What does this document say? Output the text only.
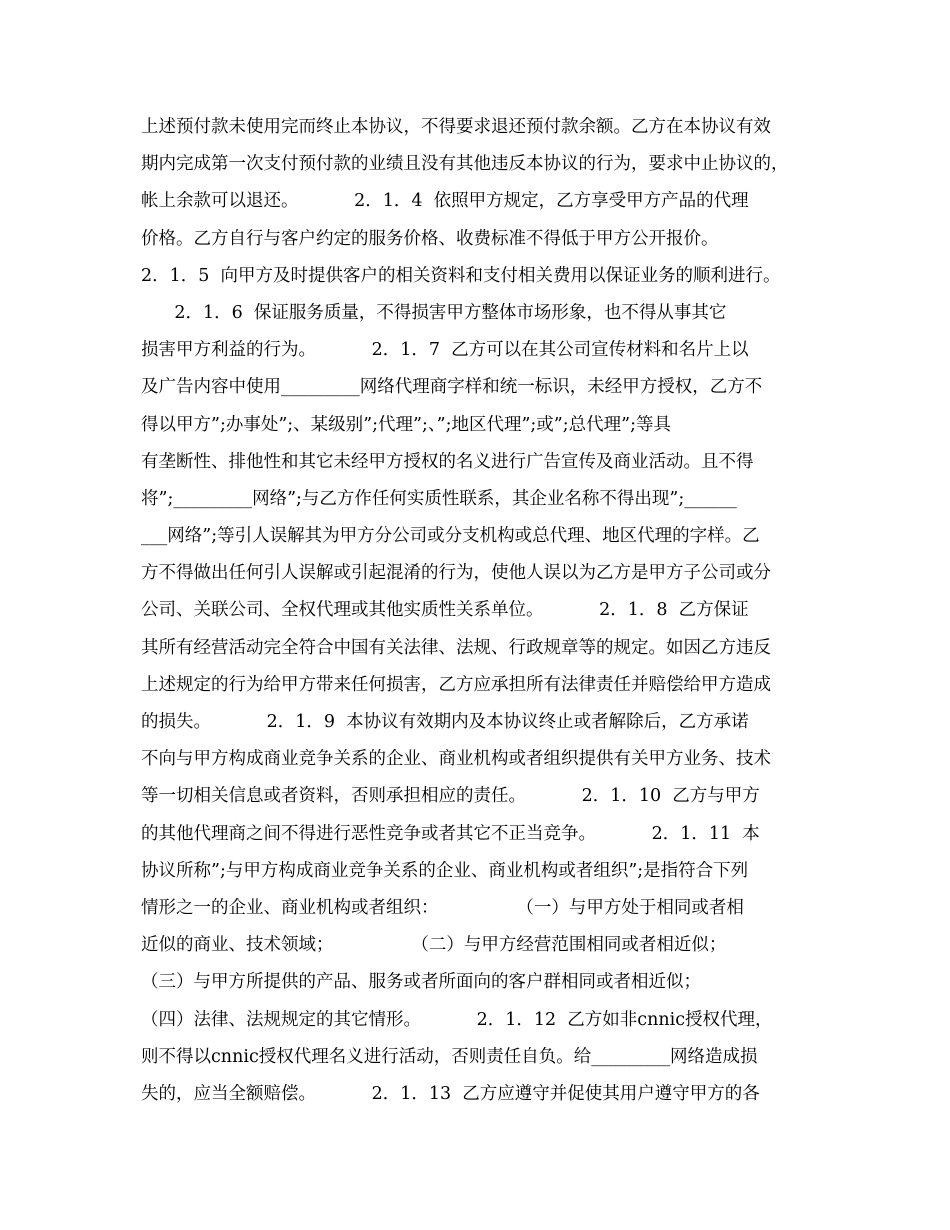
上述预付款未使用完而终止本协议，不得要求退还预付款余额。乙方在本协议有效
期内完成第一次支付预付款的业绩且没有其他违反本协议的行为，要求中止协议的，
帐上余款可以退还。          2．1．4  依照甲方规定，乙方享受甲方产品的代理
价格。乙方自行与客户约定的服务价格、收费标准不得低于甲方公开报价。
2．1．5  向甲方及时提供客户的相关资料和支付相关费用以保证业务的顺利进行。
2．1．6  保证服务质量，不得损害甲方整体市场形象，也不得从事其它
损害甲方利益的行为。          2．1．7  乙方可以在其公司宣传材料和名片上以
及广告内容中使用_________网络代理商字样和统一标识，未经甲方授权，乙方不
得以甲方”;办事处”;、某级别”;代理”;、”;地区代理”;或”;总代理”;等具
有垄断性、排他性和其它未经甲方授权的名义进行广告宣传及商业活动。且不得
将”;_________网络”;与乙方作任何实质性联系，其企业名称不得出现”;______
___网络”;等引人误解其为甲方分公司或分支机构或总代理、地区代理的字样。乙
方不得做出任何引人误解或引起混淆的行为，使他人误以为乙方是甲方子公司或分
公司、关联公司、全权代理或其他实质性关系单位。          2．1．8  乙方保证
其所有经营活动完全符合中国有关法律、法规、行政规章等的规定。如因乙方违反
上述规定的行为给甲方带来任何损害，乙方应承担所有法律责任并赔偿给甲方造成
的损失。          2．1．9  本协议有效期内及本协议终止或者解除后，乙方承诺
不向与甲方构成商业竞争关系的企业、商业机构或者组织提供有关甲方业务、技术
等一切相关信息或者资料，否则承担相应的责任。          2．1．10  乙方与甲方
的其他代理商之间不得进行恶性竞争或者其它不正当竞争。          2．1．11  本
协议所称”;与甲方构成商业竞争关系的企业、商业机构或者组织”;是指符合下列
情形之一的企业、商业机构或者组织：              （一）与甲方处于相同或者相
近似的商业、技术领域；              （二）与甲方经营范围相同或者相近似；
（三）与甲方所提供的产品、服务或者所面向的客户群相同或者相近似；
（四）法律、法规规定的其它情形。          2．1．12  乙方如非cnnic授权代理，
则不得以cnnic授权代理名义进行活动，否则责任自负。给_________网络造成损
失的，应当全额赔偿。          2．1．13  乙方应遵守并促使其用户遵守甲方的各
